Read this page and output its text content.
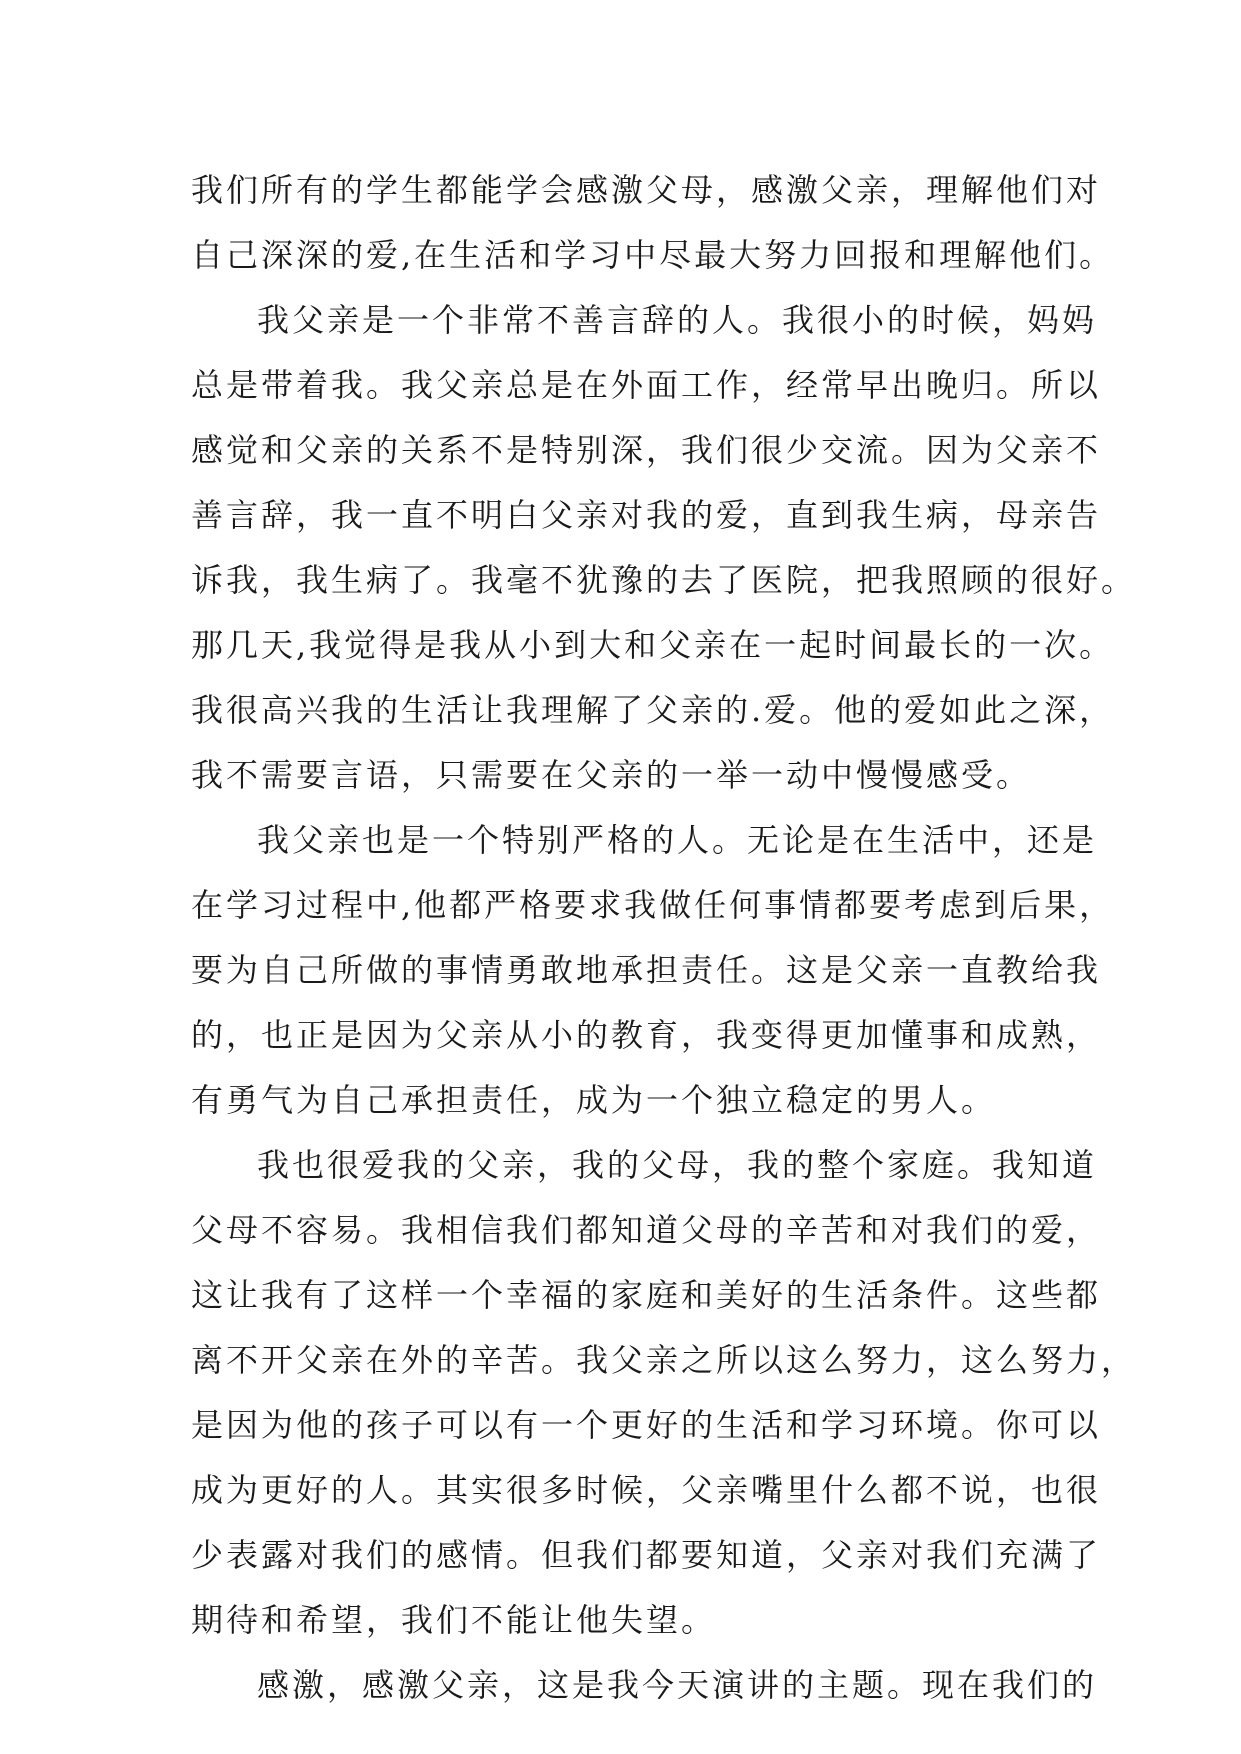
我们所有的学生都能学会感激父母，感激父亲，理解他们对
自己深深的爱,在生活和学习中尽最大努力回报和理解他们。
我父亲是一个非常不善言辞的人。我很小的时候，妈妈
总是带着我。我父亲总是在外面工作，经常早出晚归。所以
感觉和父亲的关系不是特别深，我们很少交流。因为父亲不
善言辞，我一直不明白父亲对我的爱，直到我生病，母亲告
诉我，我生病了。我毫不犹豫的去了医院，把我照顾的很好。
那几天,我觉得是我从小到大和父亲在一起时间最长的一次。
我很高兴我的生活让我理解了父亲的.爱。他的爱如此之深，
我不需要言语，只需要在父亲的一举一动中慢慢感受。
我父亲也是一个特别严格的人。无论是在生活中，还是
在学习过程中,他都严格要求我做任何事情都要考虑到后果，
要为自己所做的事情勇敢地承担责任。这是父亲一直教给我
的，也正是因为父亲从小的教育，我变得更加懂事和成熟，
有勇气为自己承担责任，成为一个独立稳定的男人。
我也很爱我的父亲，我的父母，我的整个家庭。我知道
父母不容易。我相信我们都知道父母的辛苦和对我们的爱，
这让我有了这样一个幸福的家庭和美好的生活条件。这些都
离不开父亲在外的辛苦。我父亲之所以这么努力，这么努力，
是因为他的孩子可以有一个更好的生活和学习环境。你可以
成为更好的人。其实很多时候，父亲嘴里什么都不说，也很
少表露对我们的感情。但我们都要知道，父亲对我们充满了
期待和希望，我们不能让他失望。
感激，感激父亲，这是我今天演讲的主题。现在我们的
